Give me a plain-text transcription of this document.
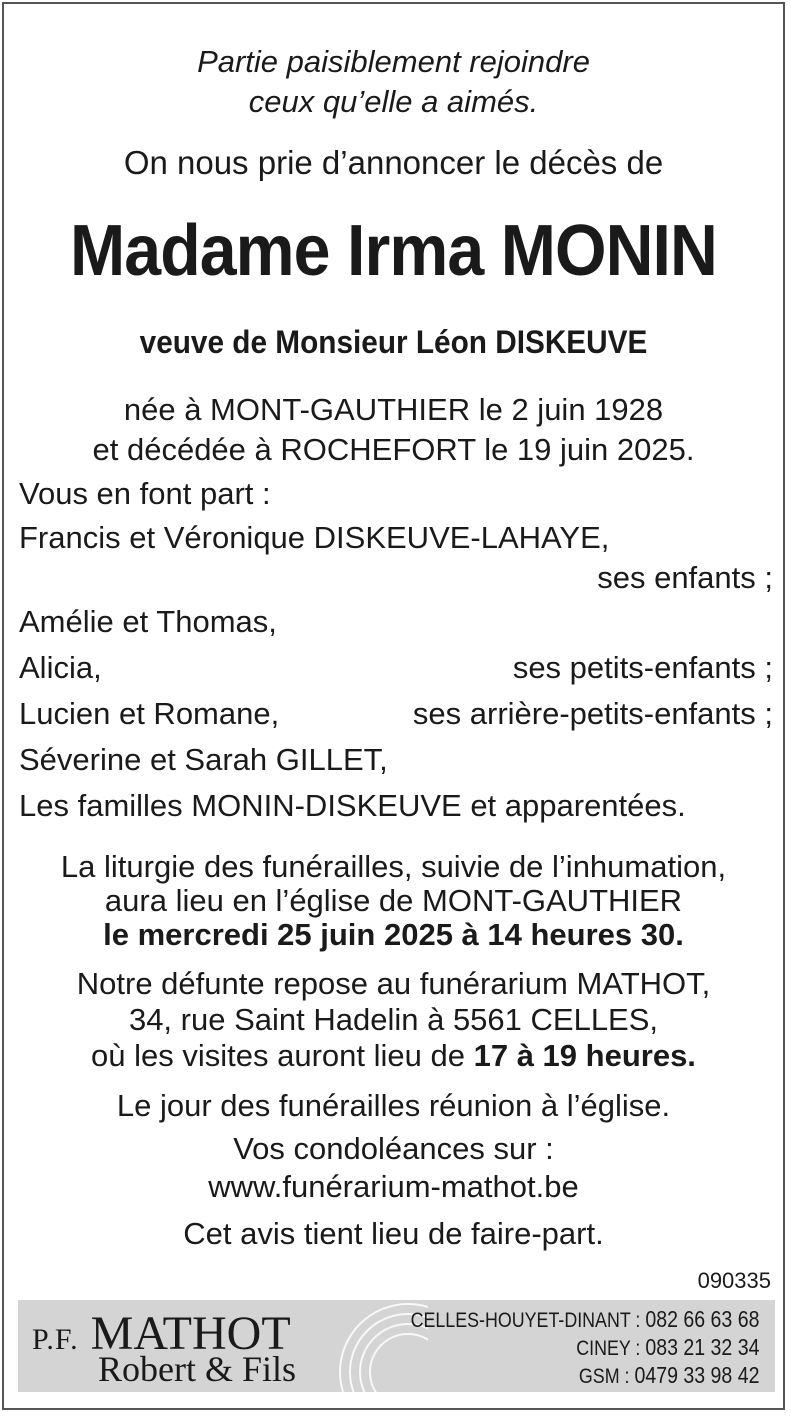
Partie paisiblement rejoindre
ceux qu’elle a aimés.
On nous prie d’annoncer le décès de
Madame Irma MONIN
veuve de Monsieur Léon DISKEUVE
née à MONT-GAUTHIER le 2 juin 1928
et décédée à ROCHEFORT le 19 juin 2025.
Vous en font part :
Francis et Véronique DISKEUVE-LAHAYE,
ses enfants ;
Amélie et Thomas,
Alicia,	ses petits-enfants ;
Lucien et Romane,	ses arrière-petits-enfants ;
Séverine et Sarah GILLET,
Les familles MONIN-DISKEUVE et apparentées.
La liturgie des funérailles, suivie de l’inhumation,
aura lieu en l’église de MONT-GAUTHIER
le mercredi 25 juin 2025 à 14 heures 30.
Notre défunte repose au funérarium MATHOT,
34, rue Saint Hadelin à 5561 CELLES,
où les visites auront lieu de 17 à 19 heures.
Le jour des funérailles réunion à l’église.
Vos condoléances sur :
www.funérarium-mathot.be
Cet avis tient lieu de faire-part.
090335
P.F. MATHOT
Robert & Fils
CELLES-HOUYET-DINANT : 082 66 63 68
CINEY : 083 21 32 34
GSM : 0479 33 98 42
